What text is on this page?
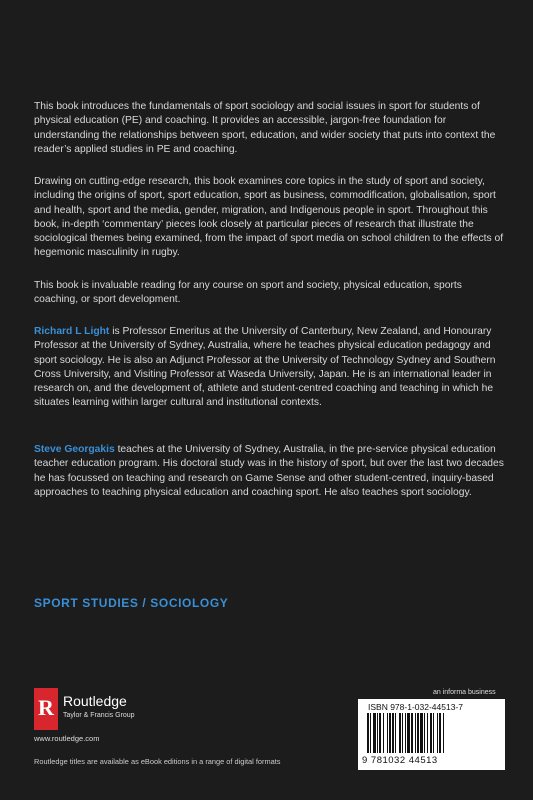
This book introduces the fundamentals of sport sociology and social issues in sport for students of physical education (PE) and coaching. It provides an accessible, jargon-free foundation for understanding the relationships between sport, education, and wider society that puts into context the reader’s applied studies in PE and coaching.

Drawing on cutting-edge research, this book examines core topics in the study of sport and society, including the origins of sport, sport education, sport as business, commodification, globalisation, sport and health, sport and the media, gender, migration, and Indigenous people in sport. Throughout this book, in-depth ‘commentary’ pieces look closely at particular pieces of research that illustrate the sociological themes being examined, from the impact of sport media on school children to the effects of hegemonic masculinity in rugby.

This book is invaluable reading for any course on sport and society, physical education, sports coaching, or sport development.

Richard L Light is Professor Emeritus at the University of Canterbury, New Zealand, and Honourary Professor at the University of Sydney, Australia, where he teaches physical education pedagogy and sport sociology. He is also an Adjunct Professor at the University of Technology Sydney and Southern Cross University, and Visiting Professor at Waseda University, Japan. He is an international leader in research on, and the development of, athlete and student-centred coaching and teaching in which he situates learning within larger cultural and institutional contexts.

Steve Georgakis teaches at the University of Sydney, Australia, in the pre-service physical education teacher education program. His doctoral study was in the history of sport, but over the last two decades he has focussed on teaching and research on Game Sense and other student-centred, inquiry-based approaches to teaching physical education and coaching sport. He also teaches sport sociology.

SPORT STUDIES / SOCIOLOGY
R Routledge
Taylor & Francis Group
www.routledge.com
Routledge titles are available as eBook editions in a range of digital formats
an informa business
ISBN 978-1-032-44513-7
9 781032 44513
